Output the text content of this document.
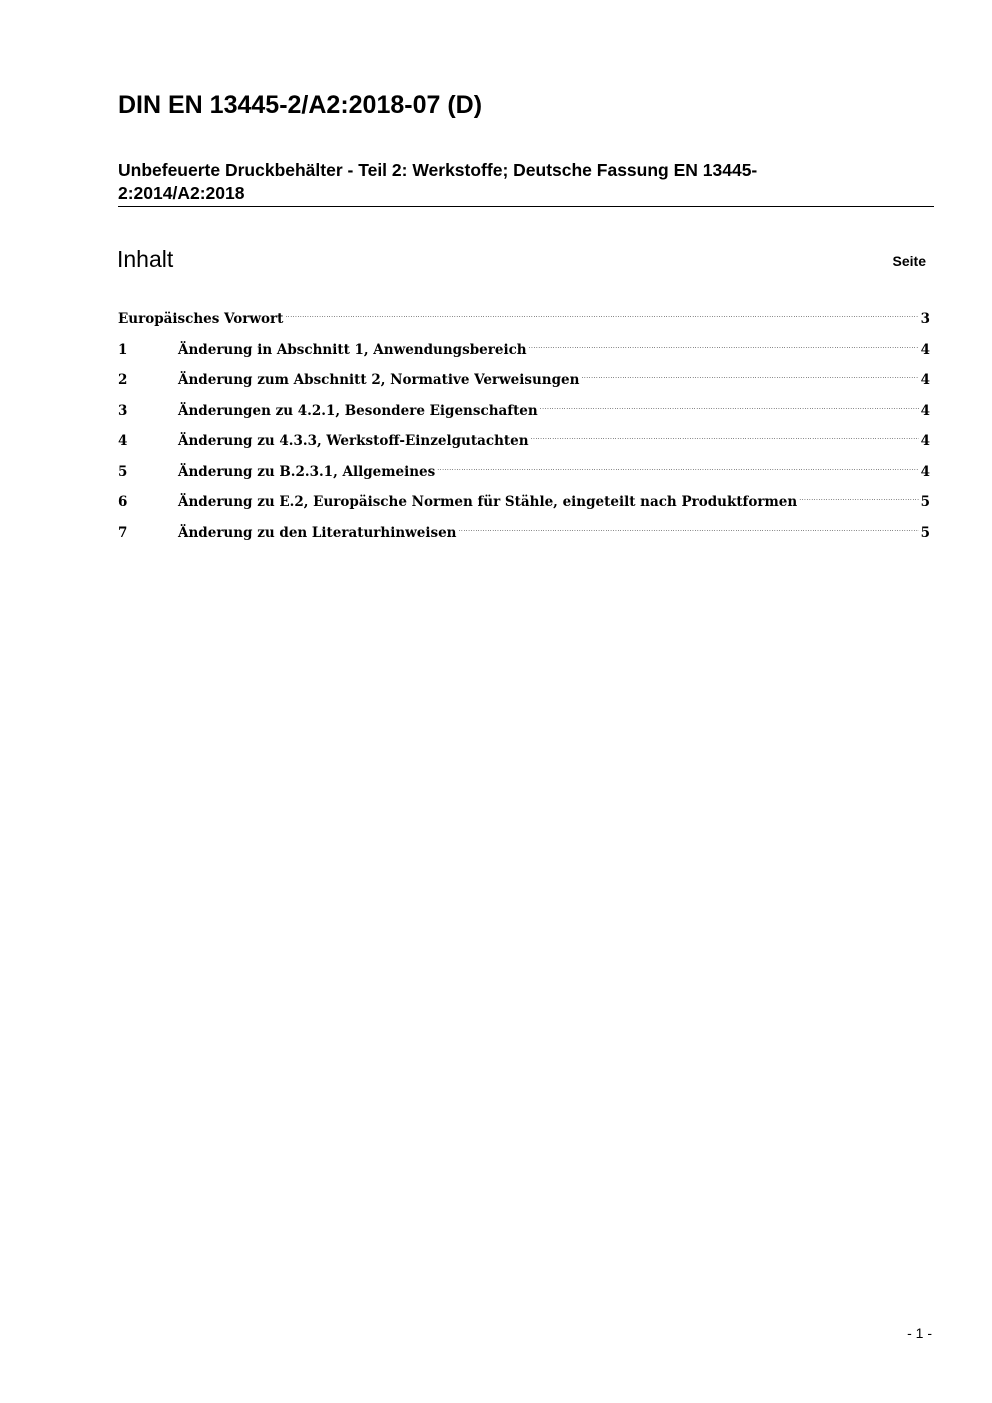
DIN EN 13445-2/A2:2018-07 (D)
Unbefeuerte Druckbehälter - Teil 2: Werkstoffe; Deutsche Fassung EN 13445-2:2014/A2:2018
Inhalt	Seite
Europäisches Vorwort .....	3
1	Änderung in Abschnitt 1, Anwendungsbereich .....	4
2	Änderung zum Abschnitt 2, Normative Verweisungen .....	4
3	Änderungen zu 4.2.1, Besondere Eigenschaften .....	4
4	Änderung zu 4.3.3, Werkstoff-Einzelgutachten .....	4
5	Änderung zu B.2.3.1, Allgemeines .....	4
6	Änderung zu E.2, Europäische Normen für Stähle, eingeteilt nach Produktformen .....	5
7	Änderung zu den Literaturhinweisen .....	5
- 1 -
